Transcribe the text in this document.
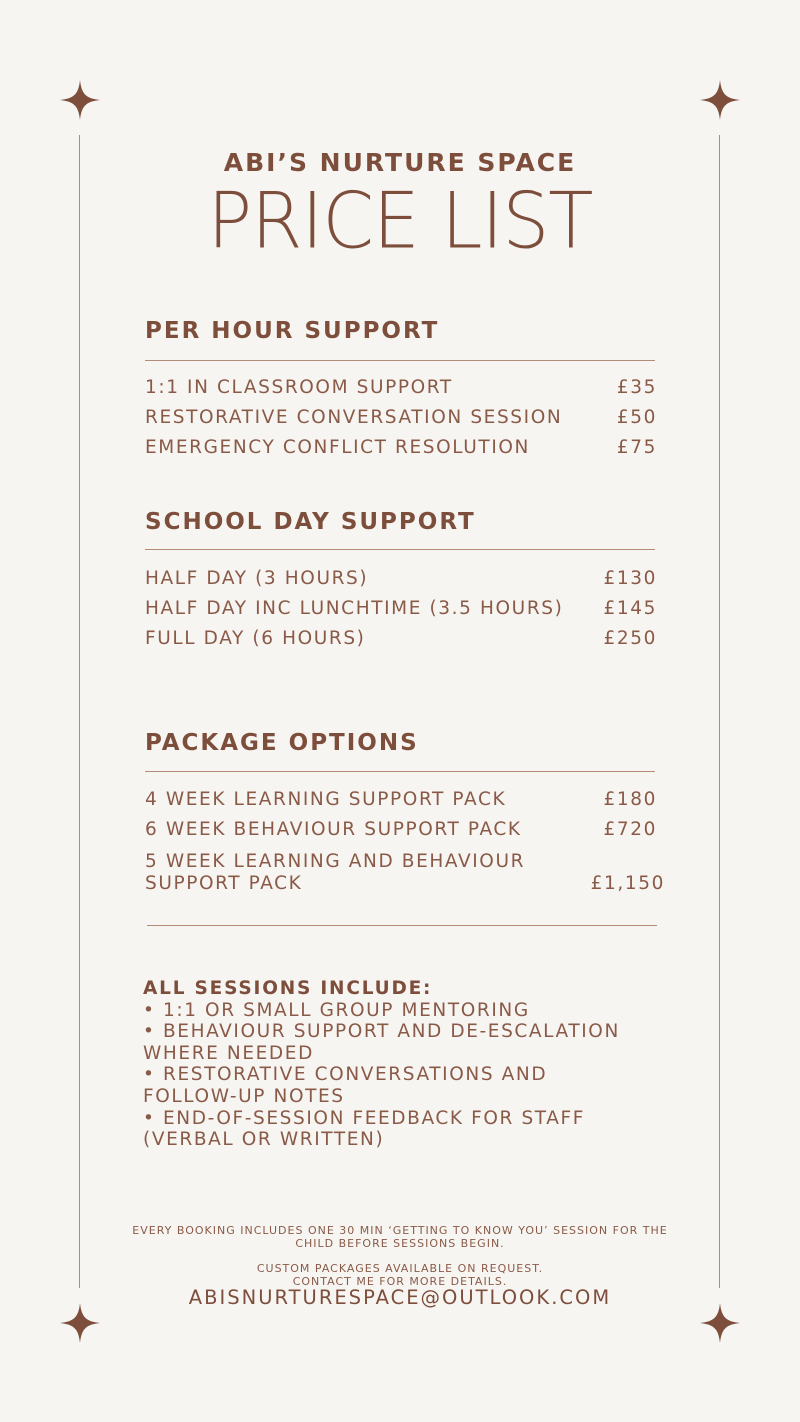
ABI’S NURTURE SPACE
PRICE LIST
PER HOUR SUPPORT
1:1 IN CLASSROOM SUPPORT	£35
RESTORATIVE CONVERSATION SESSION	£50
EMERGENCY CONFLICT RESOLUTION	£75
SCHOOL DAY SUPPORT
HALF DAY (3 HOURS)	£130
HALF DAY INC LUNCHTIME (3.5 HOURS) £145
FULL DAY (6 HOURS)	£250
PACKAGE OPTIONS
4 WEEK LEARNING SUPPORT PACK	£180
6 WEEK BEHAVIOUR SUPPORT PACK	£720
5 WEEK LEARNING AND BEHAVIOUR
SUPPORT PACK	£1,150
ALL SESSIONS INCLUDE:
• 1:1 OR SMALL GROUP MENTORING
• BEHAVIOUR SUPPORT AND DE-ESCALATION
WHERE NEEDED
• RESTORATIVE CONVERSATIONS AND
FOLLOW-UP NOTES
• END-OF-SESSION FEEDBACK FOR STAFF
(VERBAL OR WRITTEN)
EVERY BOOKING INCLUDES ONE 30 MIN ‘GETTING TO KNOW YOU’ SESSION FOR THE
CHILD BEFORE SESSIONS BEGIN.
CUSTOM PACKAGES AVAILABLE ON REQUEST.
CONTACT ME FOR MORE DETAILS.
ABISNURTURESPACE@OUTLOOK.COM
